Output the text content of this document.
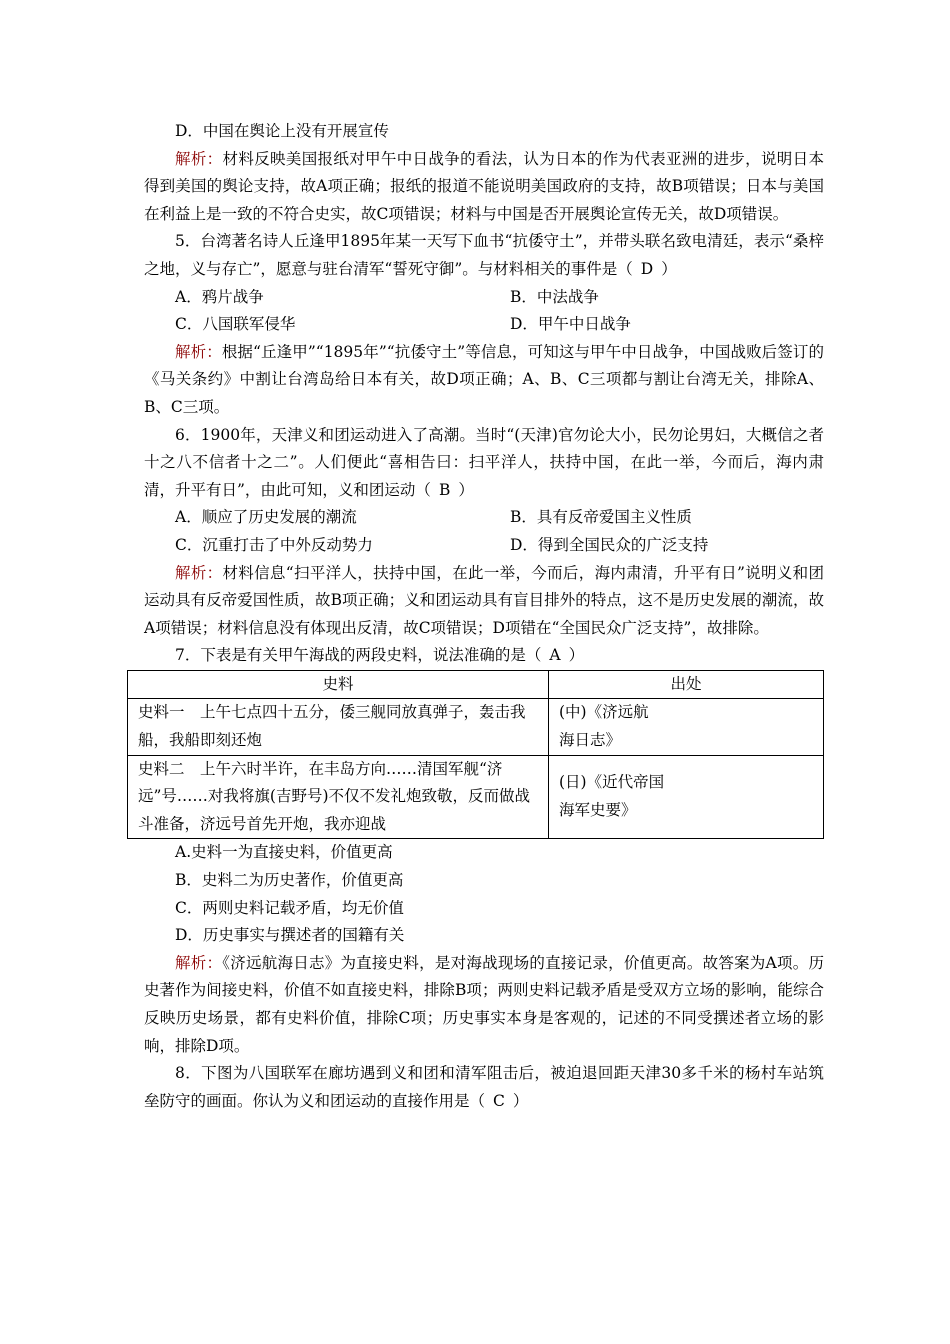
D．中国在舆论上没有开展宣传

解析：材料反映美国报纸对甲午中日战争的看法，认为日本的作为代表亚洲的进步，说明日本得到美国的舆论支持，故A项正确；报纸的报道不能说明美国政府的支持，故B项错误；日本与美国在利益上是一致的不符合史实，故C项错误；材料与中国是否开展舆论宣传无关，故D项错误。

5．台湾著名诗人丘逢甲1895年某一天写下血书“抗倭守土”，并带头联名致电清廷，表示“桑梓之地，义与存亡”，愿意与驻台清军“誓死守御”。与材料相关的事件是（ D ）

A．鸦片战争	B．中法战争
C．八国联军侵华	D．甲午中日战争

解析：根据“丘逢甲”“1895年”“抗倭守土”等信息，可知这与甲午中日战争，中国战败后签订的《马关条约》中割让台湾岛给日本有关，故D项正确；A、B、C三项都与割让台湾无关，排除A、B、C三项。

6．1900年，天津义和团运动进入了高潮。当时“(天津)官勿论大小，民勿论男妇，大概信之者十之八不信者十之二”。人们便此“喜相告曰：扫平洋人，扶持中国，在此一举，今而后，海内肃清，升平有日”，由此可知，义和团运动（ B ）

A．顺应了历史发展的潮流	B．具有反帝爱国主义性质
C．沉重打击了中外反动势力	D．得到全国民众的广泛支持

解析：材料信息“扫平洋人，扶持中国，在此一举，今而后，海内肃清，升平有日”说明义和团运动具有反帝爱国性质，故B项正确；义和团运动具有盲目排外的特点，这不是历史发展的潮流，故A项错误；材料信息没有体现出反清，故C项错误；D项错在“全国民众广泛支持”，故排除。

7．下表是有关甲午海战的两段史料，说法准确的是（ A ）

史料	出处
史料一　上午七点四十五分，倭三舰同放真弹子，轰击我船，我船即刻还炮	(中)《济远航
海日志》

史料二　上午六时半许，在丰岛方向……清国军舰“济远”号……对我将旗(吉野号)不仅不发礼炮致敬，反而做战斗准备，济远号首先开炮，我亦迎战	(日)《近代帝国
海军史要》

A.史料一为直接史料，价值更高

B．史料二为历史著作，价值更高

C．两则史料记载矛盾，均无价值

D．历史事实与撰述者的国籍有关

解析：《济远航海日志》为直接史料，是对海战现场的直接记录，价值更高。故答案为A项。历史著作为间接史料，价值不如直接史料，排除B项；两则史料记载矛盾是受双方立场的影响，能综合反映历史场景，都有史料价值，排除C项；历史事实本身是客观的，记述的不同受撰述者立场的影响，排除D项。

8．下图为八国联军在廊坊遇到义和团和清军阻击后，被迫退回距天津30多千米的杨村车站筑垒防守的画面。你认为义和团运动的直接作用是（ C ）
